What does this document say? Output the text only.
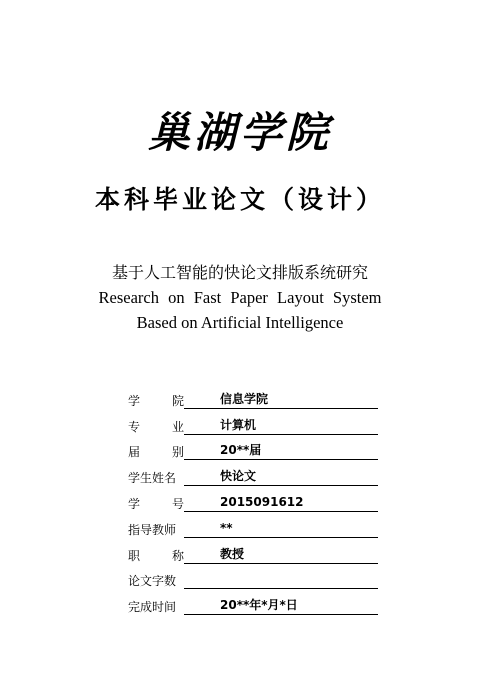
巢湖学院
本科毕业论文（设计）
基于人工智能的快论文排版系统研究
Research on Fast Paper Layout System
Based on Artificial Intelligence
学	院	信息学院
专	业	计算机
届	别	20**届
学生姓名	快论文
学	号	2015091612
指导教师	**
职	称	教授
论文字数
完成时间	20**年*月*日
